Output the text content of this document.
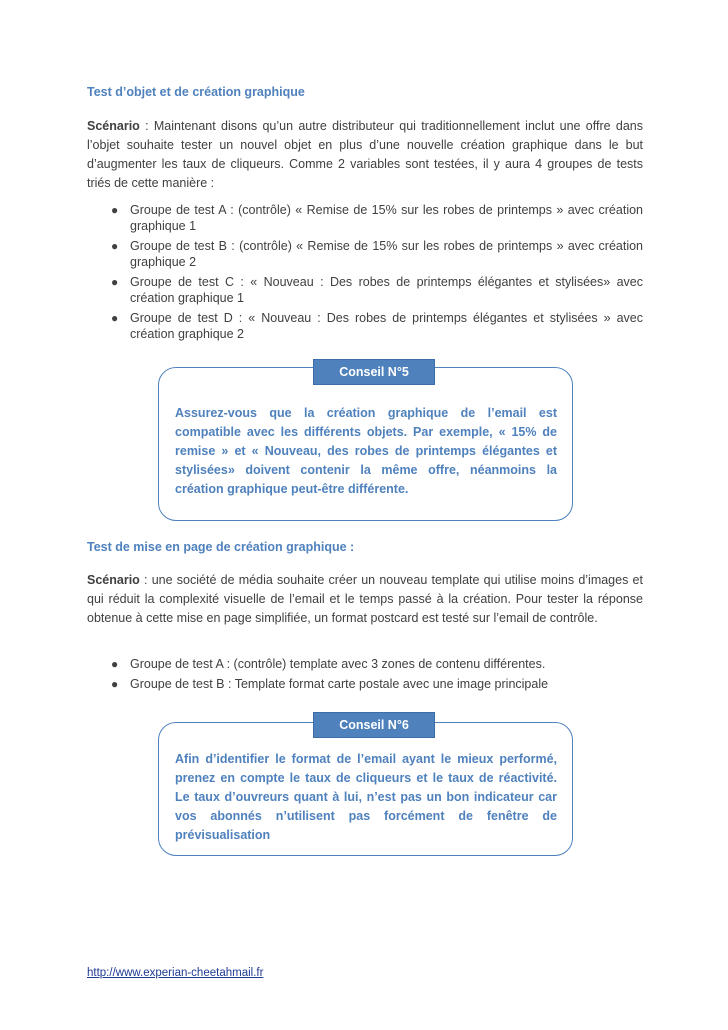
Test d’objet et de création graphique

Scénario : Maintenant disons qu’un autre distributeur qui traditionnellement inclut une offre dans l’objet souhaite tester un nouvel objet en plus d’une nouvelle création graphique dans le but d’augmenter les taux de cliqueurs. Comme 2 variables sont testées, il y aura 4 groupes de tests triés de cette manière :

● Groupe de test A : (contrôle) « Remise de 15% sur les robes de printemps » avec création graphique 1
● Groupe de test B : (contrôle) « Remise de 15% sur les robes de printemps » avec création graphique 2
● Groupe de test C : « Nouveau : Des robes de printemps élégantes et stylisées» avec création graphique 1
● Groupe de test D : « Nouveau : Des robes de printemps élégantes et stylisées » avec création graphique 2
Conseil N°5

Assurez-vous que la création graphique de l’email est compatible avec les différents objets. Par exemple, « 15% de remise » et « Nouveau, des robes de printemps élégantes et stylisées» doivent contenir la même offre, néanmoins la création graphique peut-être différente.

Test de mise en page de création graphique :

Scénario : une société de média souhaite créer un nouveau template qui utilise moins d’images et qui réduit la complexité visuelle de l’email et le temps passé à la création. Pour tester la réponse obtenue à cette mise en page simplifiée, un format postcard est testé sur l’email de contrôle.

● Groupe de test A : (contrôle) template avec 3 zones de contenu différentes.
● Groupe de test B : Template format carte postale avec une image principale
Conseil N°6

Afin d’identifier le format de l’email ayant le mieux performé, prenez en compte le taux de cliqueurs et le taux de réactivité. Le taux d’ouvreurs quant à lui, n’est pas un bon indicateur car vos abonnés n’utilisent pas forcément de fenêtre de prévisualisation

http://www.experian-cheetahmail.fr
